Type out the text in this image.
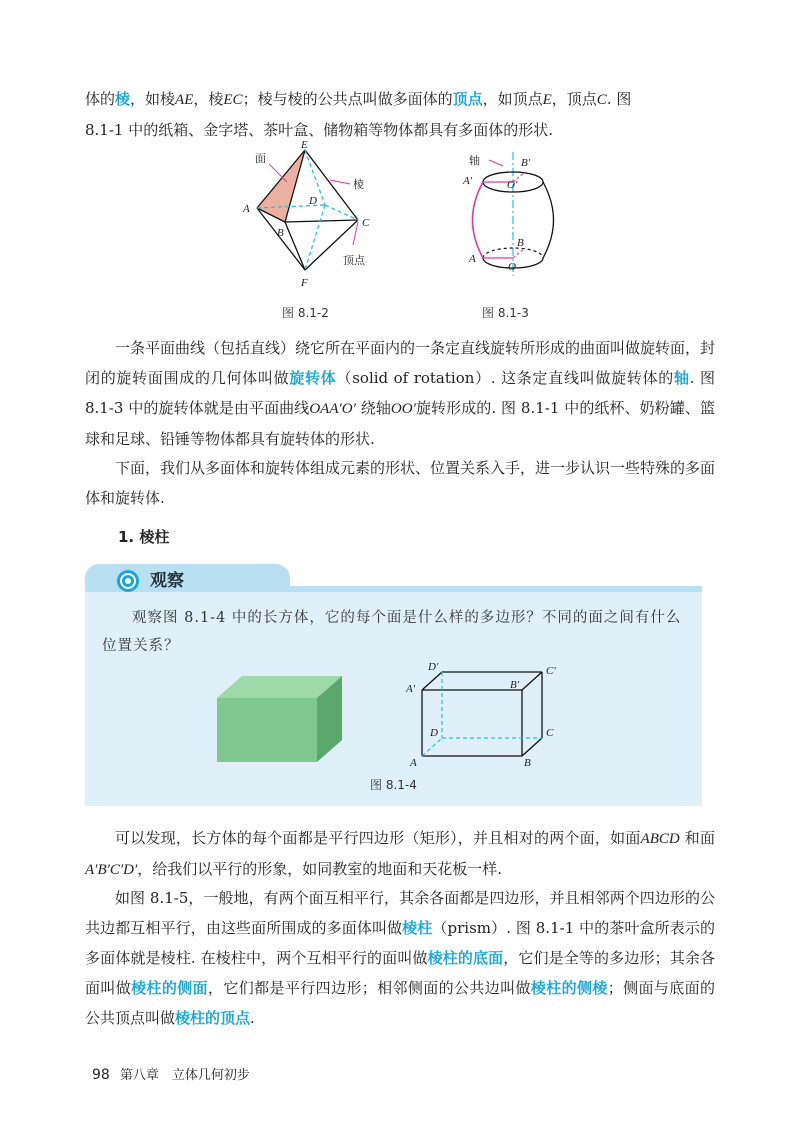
体的棱，如棱AE，棱EC；棱与棱的公共点叫做多面体的顶点，如顶点E，顶点C. 图
8.1-1 中的纸箱、金字塔、茶叶盒、储物箱等物体都具有多面体的形状.

面
棱
顶点
E
D
A
B
C
F
图 8.1-2
轴	B′
A′	O′
B
A
O
图 8.1-3

一条平面曲线（包括直线）绕它所在平面内的一条定直线旋转所形成的曲面叫做旋转面，封闭的旋转面围成的几何体叫做旋转体（solid of rotation）. 这条定直线叫做旋转体的轴. 图 8.1-3 中的旋转体就是由平面曲线OAA′O′ 绕轴OO′旋转形成的. 图 8.1-1 中的纸杯、奶粉罐、篮球和足球、铅锤等物体都具有旋转体的形状.

下面，我们从多面体和旋转体组成元素的形状、位置关系入手，进一步认识一些特殊的多面体和旋转体.

1. 棱柱
观察

观察图 8.1-4 中的长方体，它的每个面是什么样的多边形？不同的面之间有什么位置关系？

D′	C′
A′	B′
D	C
A	B
图 8.1-4

可以发现，长方体的每个面都是平行四边形（矩形），并且相对的两个面，如面ABCD 和面A′B′C′D′，给我们以平行的形象，如同教室的地面和天花板一样.

如图 8.1-5，一般地，有两个面互相平行，其余各面都是四边形，并且相邻两个四边形的公共边都互相平行，由这些面所围成的多面体叫做棱柱（prism）. 图 8.1-1 中的茶叶盒所表示的多面体就是棱柱. 在棱柱中，两个互相平行的面叫做棱柱的底面，它们是全等的多边形；其余各面叫做棱柱的侧面，它们都是平行四边形；相邻侧面的公共边叫做棱柱的侧棱；侧面与底面的公共顶点叫做棱柱的顶点.

98 第八章　立体几何初步
